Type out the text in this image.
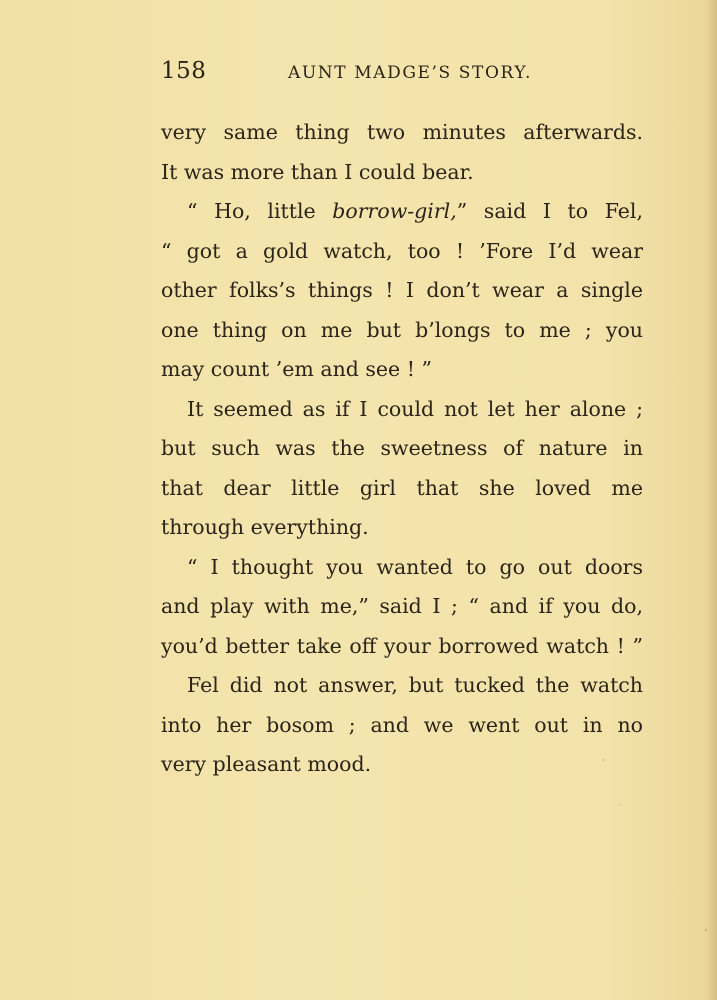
158	AUNT MADGE’S STORY.
very same thing two minutes afterwards.
It was more than I could bear.
“ Ho, little borrow-girl,” said I to Fel,
“ got a gold watch, too ! ’Fore I’d wear
other folks’s things ! I don’t wear a single
one thing on me but b’longs to me ; you
may count ’em and see ! ”
It seemed as if I could not let her alone ;
but such was the sweetness of nature in
that dear little girl that she loved me
through everything.
“ I thought you wanted to go out doors
and play with me,” said I ; “ and if you do,
you’d better take off your borrowed watch ! ”
Fel did not answer, but tucked the watch
into her bosom ; and we went out in no
very pleasant mood.
